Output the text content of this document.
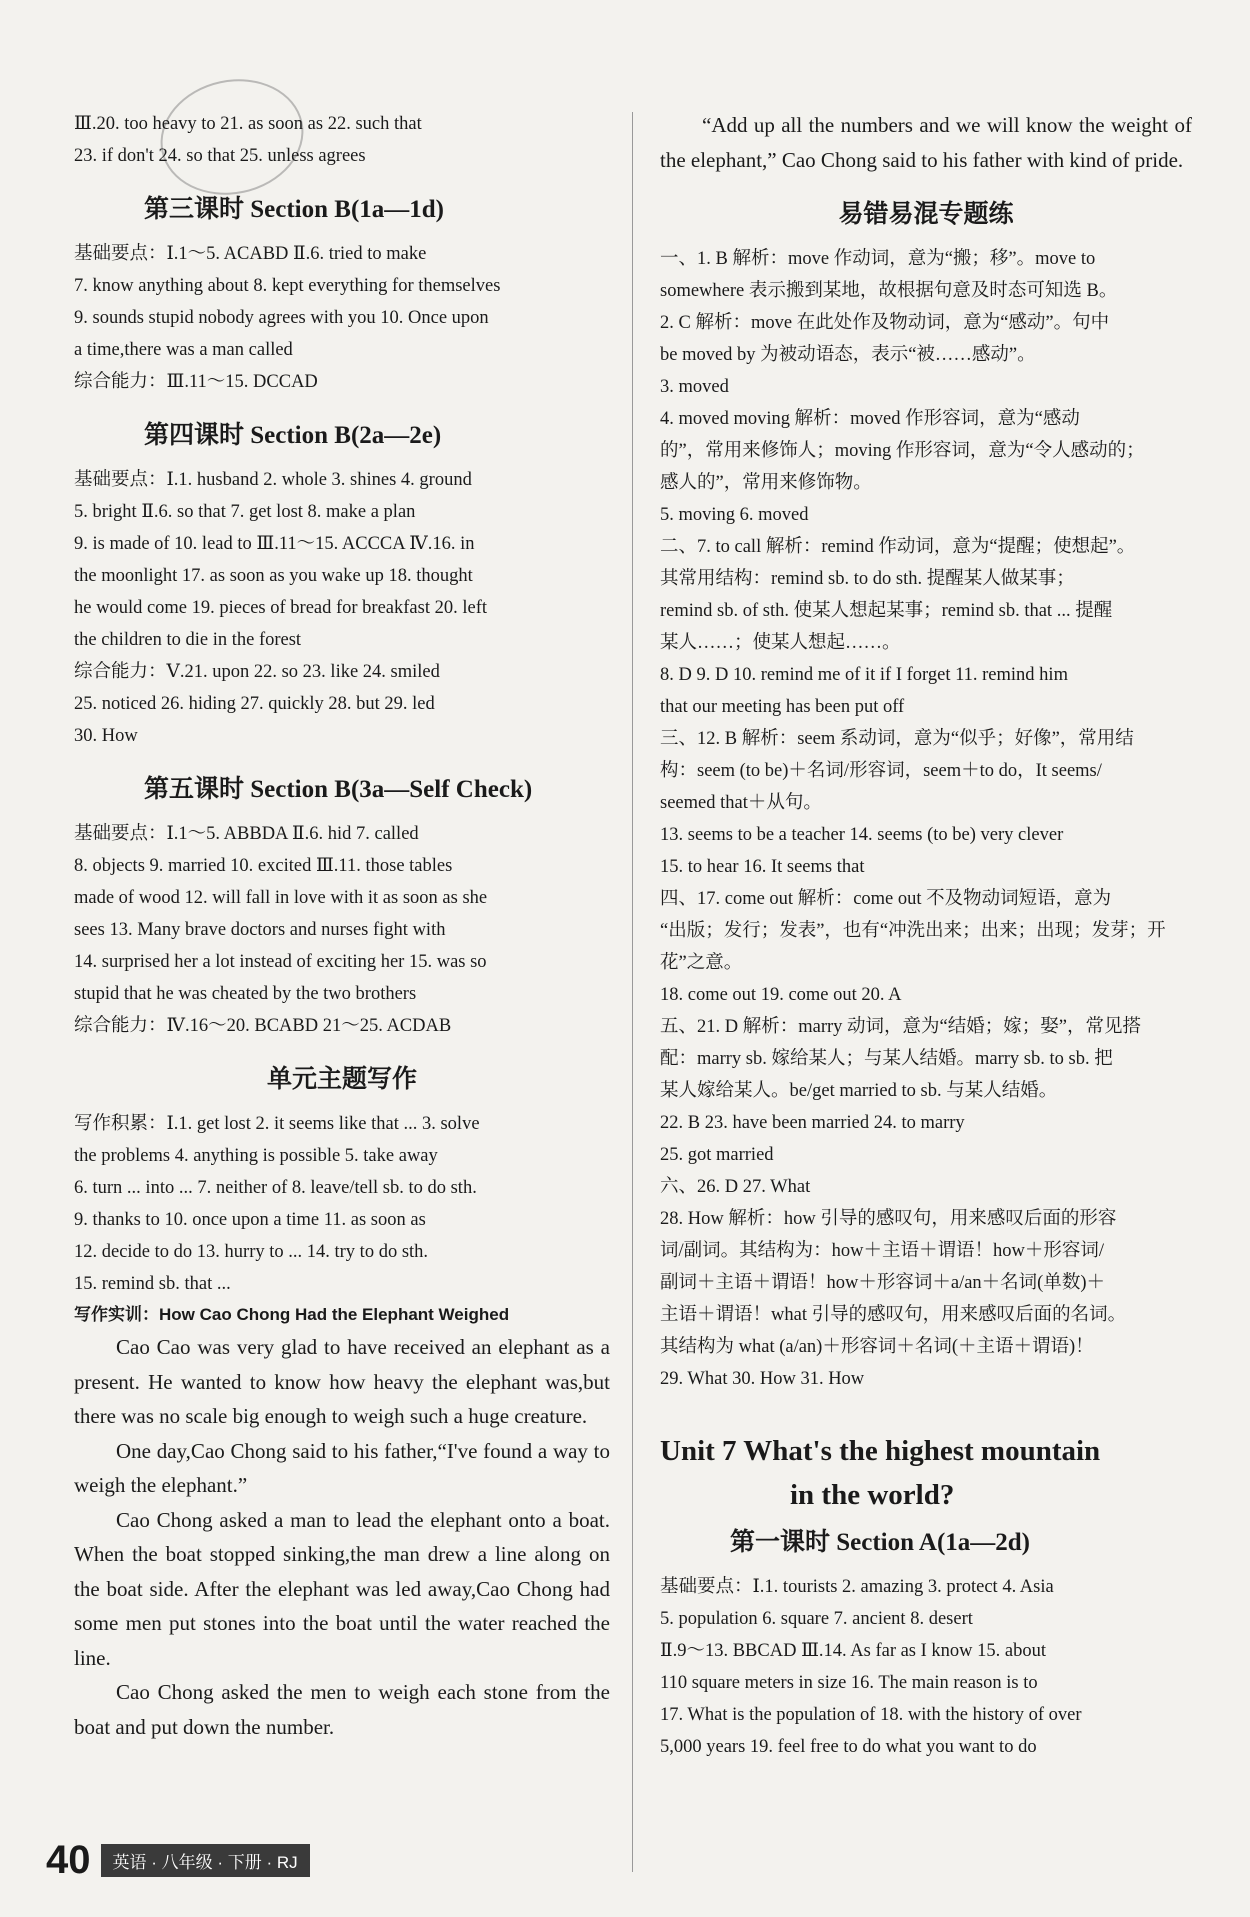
Ⅲ.20. too heavy to 21. as soon as 22. such that
23. if don't 24. so that 25. unless agrees
第三课时 Section B(1a—1d)
基础要点：Ⅰ.1～5. ACABD Ⅱ.6. tried to make
7. know anything about 8. kept everything for themselves
9. sounds stupid nobody agrees with you 10. Once upon
a time,there was a man called
综合能力：Ⅲ.11～15. DCCAD
第四课时 Section B(2a—2e)
基础要点：Ⅰ.1. husband 2. whole 3. shines 4. ground
5. bright Ⅱ.6. so that 7. get lost 8. make a plan
9. is made of 10. lead to Ⅲ.11～15. ACCCA Ⅳ.16. in
the moonlight 17. as soon as you wake up 18. thought
he would come 19. pieces of bread for breakfast 20. left
the children to die in the forest
综合能力：Ⅴ.21. upon 22. so 23. like 24. smiled
25. noticed 26. hiding 27. quickly 28. but 29. led
30. How
第五课时 Section B(3a—Self Check)
基础要点：Ⅰ.1～5. ABBDA Ⅱ.6. hid 7. called
8. objects 9. married 10. excited Ⅲ.11. those tables
made of wood 12. will fall in love with it as soon as she
sees 13. Many brave doctors and nurses fight with
14. surprised her a lot instead of exciting her 15. was so
stupid that he was cheated by the two brothers
综合能力：Ⅳ.16～20. BCABD 21～25. ACDAB
单元主题写作
写作积累：Ⅰ.1. get lost 2. it seems like that ... 3. solve
the problems 4. anything is possible 5. take away
6. turn ... into ... 7. neither of 8. leave/tell sb. to do sth.
9. thanks to 10. once upon a time 11. as soon as
12. decide to do 13. hurry to ... 14. try to do sth.
15. remind sb. that ...
写作实训：How Cao Chong Had the Elephant Weighed

Cao Cao was very glad to have received an elephant as a present. He wanted to know how heavy the elephant was,but there was no scale big enough to weigh such a huge creature.

One day,Cao Chong said to his father,“I've found a way to weigh the elephant.”

Cao Chong asked a man to lead the elephant onto a boat. When the boat stopped sinking,the man drew a line along on the boat side. After the elephant was led away,Cao Chong had some men put stones into the boat until the water reached the line.

Cao Chong asked the men to weigh each stone from the boat and put down the number.

“Add up all the numbers and we will know the weight of the elephant,” Cao Chong said to his father with kind of pride.

易错易混专题练
一、1. B 解析：move 作动词，意为“搬；移”。move to
somewhere 表示搬到某地，故根据句意及时态可知选 B。
2. C 解析：move 在此处作及物动词，意为“感动”。句中
be moved by 为被动语态，表示“被……感动”。
3. moved
4. moved moving 解析：moved 作形容词，意为“感动
的”，常用来修饰人；moving 作形容词，意为“令人感动的；
感人的”，常用来修饰物。
5. moving 6. moved
二、7. to call 解析：remind 作动词，意为“提醒；使想起”。
其常用结构：remind sb. to do sth. 提醒某人做某事；
remind sb. of sth. 使某人想起某事；remind sb. that ... 提醒
某人……；使某人想起……。
8. D 9. D 10. remind me of it if I forget 11. remind him
that our meeting has been put off
三、12. B 解析：seem 系动词，意为“似乎；好像”，常用结
构：seem (to be)＋名词/形容词，seem＋to do，It seems/
seemed that＋从句。
13. seems to be a teacher 14. seems (to be) very clever
15. to hear 16. It seems that
四、17. come out 解析：come out 不及物动词短语，意为
“出版；发行；发表”，也有“冲洗出来；出来；出现；发芽；开
花”之意。
18. come out 19. come out 20. A
五、21. D 解析：marry 动词，意为“结婚；嫁；娶”，常见搭
配：marry sb. 嫁给某人；与某人结婚。marry sb. to sb. 把
某人嫁给某人。be/get married to sb. 与某人结婚。
22. B 23. have been married 24. to marry
25. got married
六、26. D 27. What
28. How 解析：how 引导的感叹句，用来感叹后面的形容
词/副词。其结构为：how＋主语＋谓语！how＋形容词/
副词＋主语＋谓语！how＋形容词＋a/an＋名词(单数)＋
主语＋谓语！what 引导的感叹句，用来感叹后面的名词。
其结构为 what (a/an)＋形容词＋名词(＋主语＋谓语)！
29. What 30. How 31. How
Unit 7 What's the highest mountain
in the world?
第一课时 Section A(1a—2d)
基础要点：Ⅰ.1. tourists 2. amazing 3. protect 4. Asia
5. population 6. square 7. ancient 8. desert
Ⅱ.9～13. BBCAD Ⅲ.14. As far as I know 15. about
110 square meters in size 16. The main reason is to
17. What is the population of 18. with the history of over
5,000 years 19. feel free to do what you want to do
40	英语 · 八年级 · 下册 · RJ
